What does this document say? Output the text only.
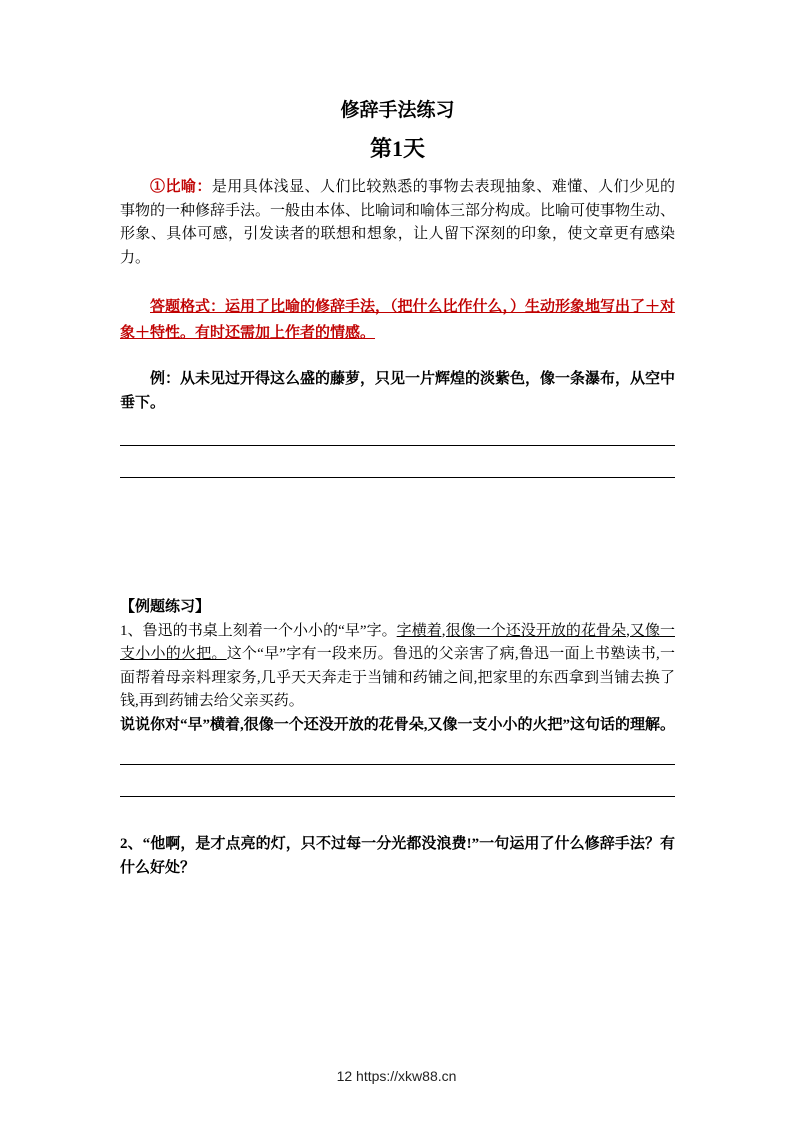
修辞手法练习
第1天

①比喻：是用具体浅显、人们比较熟悉的事物去表现抽象、难懂、人们少见的事物的一种修辞手法。一般由本体、比喻词和喻体三部分构成。比喻可使事物生动、形象、具体可感，引发读者的联想和想象，让人留下深刻的印象，使文章更有感染力。

答题格式：运用了比喻的修辞手法，（把什么比作什么，）生动形象地写出了＋对象＋特性。有时还需加上作者的情感。

例：从未见过开得这么盛的藤萝，只见一片辉煌的淡紫色，像一条瀑布，从空中垂下。

【例题练习】

1、鲁迅的书桌上刻着一个小小的“早”字。字横着,很像一个还没开放的花骨朵,又像一支小小的火把。这个“早”字有一段来历。鲁迅的父亲害了病,鲁迅一面上书塾读书,一面帮着母亲料理家务,几乎天天奔走于当铺和药铺之间,把家里的东西拿到当铺去换了钱,再到药铺去给父亲买药。

说说你对“早”横着,很像一个还没开放的花骨朵,又像一支小小的火把”这句话的理解。

2、“他啊，是才点亮的灯，只不过每一分光都没浪费!”一句运用了什么修辞手法？有什么好处？

12 https://xkw88.cn
